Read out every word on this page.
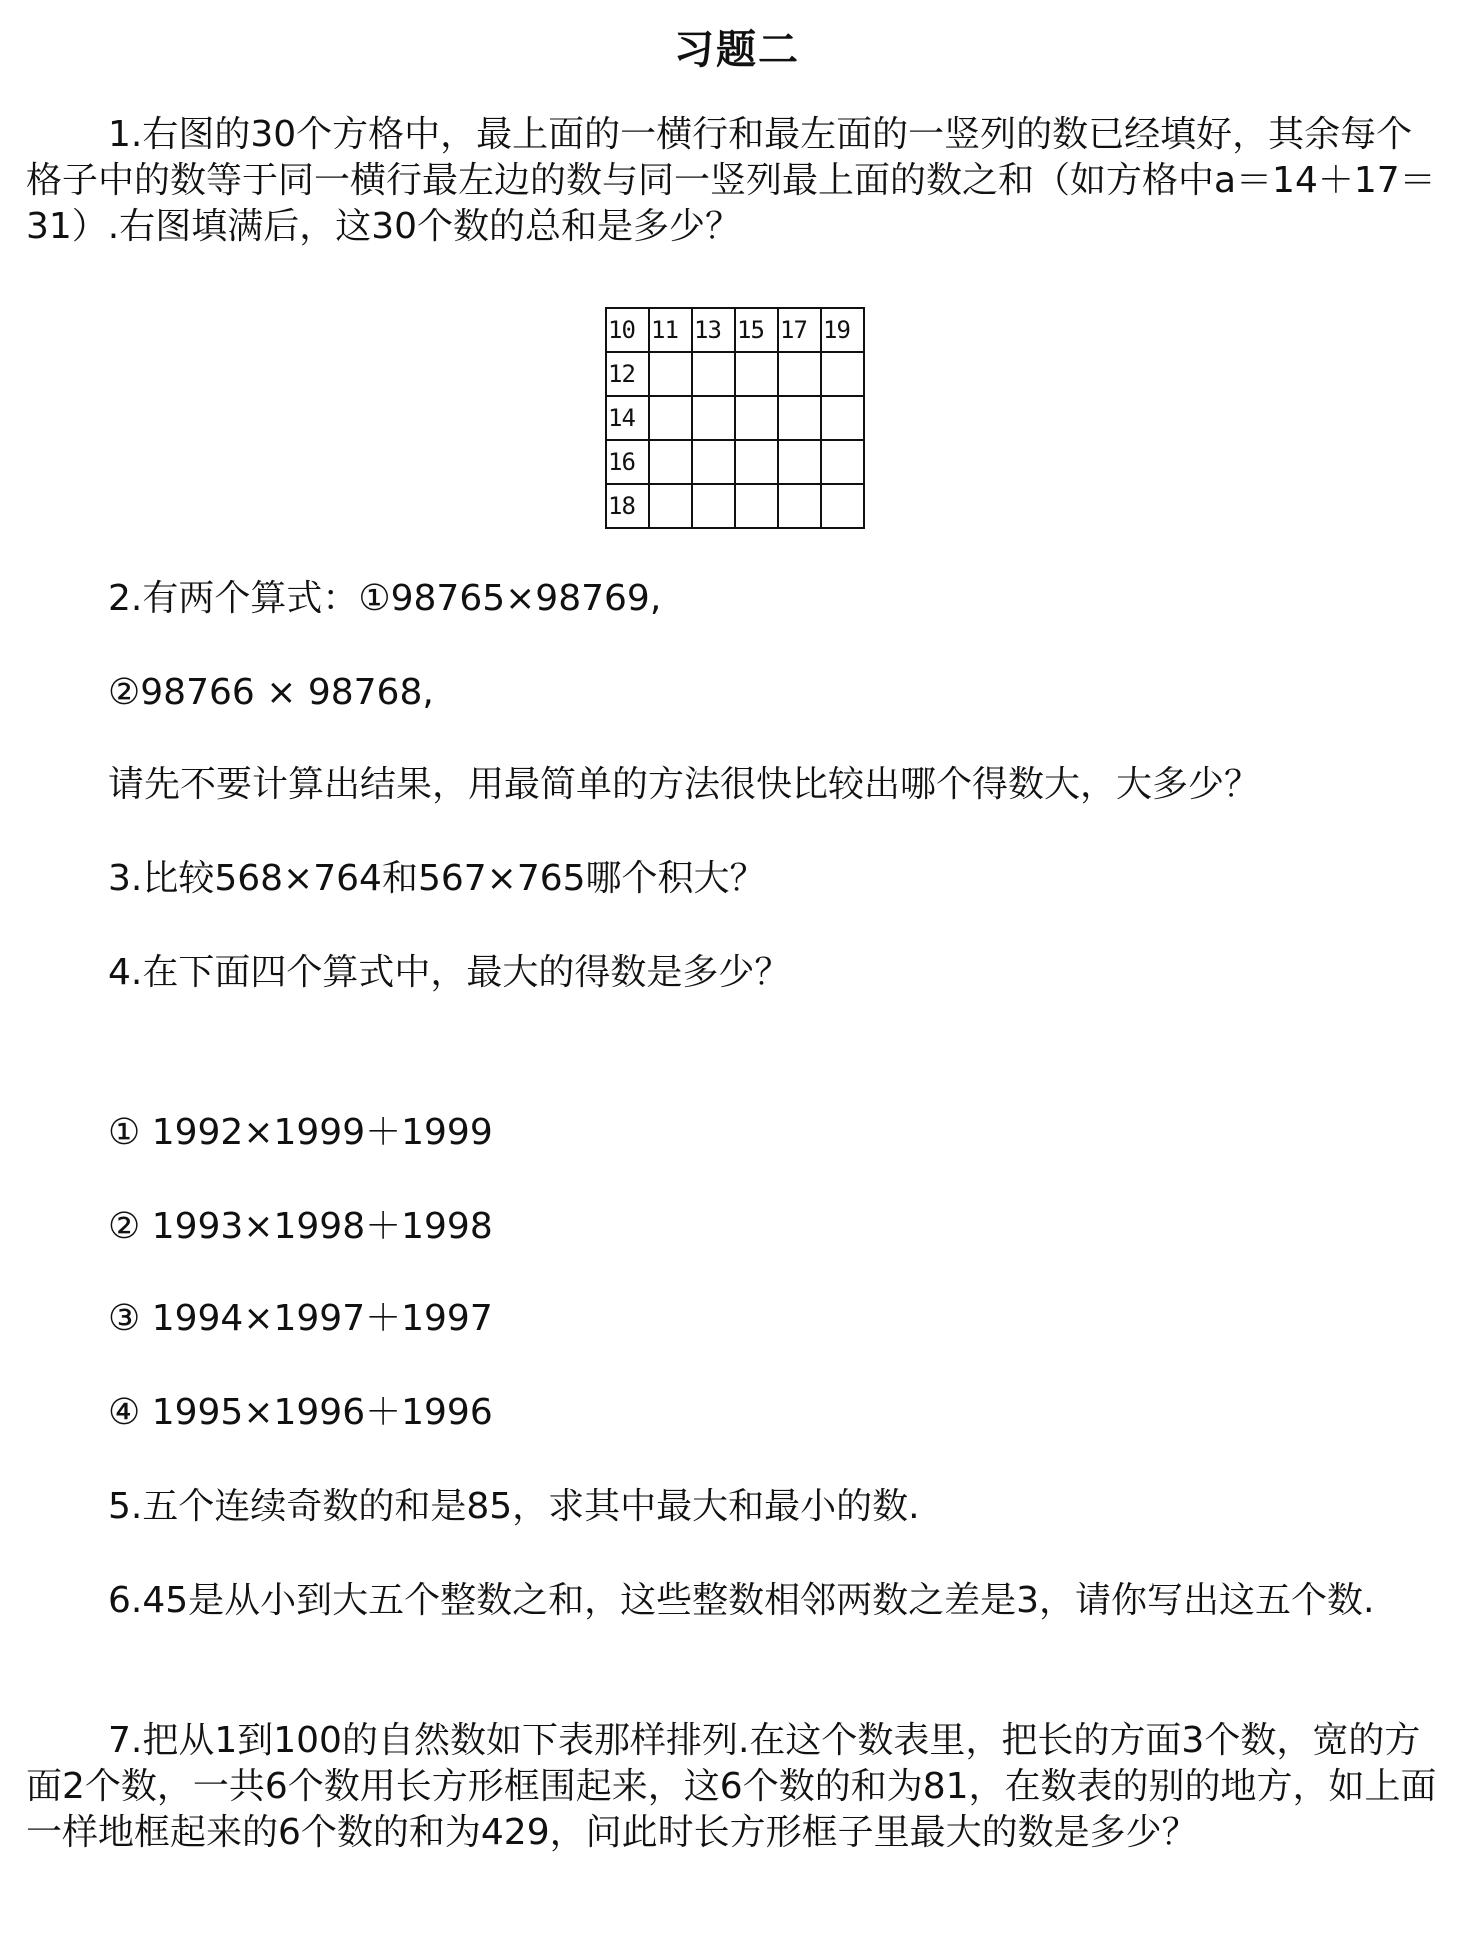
习题二
1.右图的30个方格中，最上面的一横行和最左面的一竖列的数已经填好，其余每个格子中的数等于同一横行最左边的数与同一竖列最上面的数之和（如方格中a＝14＋17＝31）.右图填满后，这30个数的总和是多少？
10	11	13	15	17	19
12					
14					
16					
18					
2.有两个算式：①98765×98769,
②98766 × 98768,
请先不要计算出结果，用最简单的方法很快比较出哪个得数大，大多少？
3.比较568×764和567×765哪个积大？
4.在下面四个算式中，最大的得数是多少？
① 1992×1999＋1999
② 1993×1998＋1998
③ 1994×1997＋1997
④ 1995×1996＋1996
5.五个连续奇数的和是85，求其中最大和最小的数.
6.45是从小到大五个整数之和，这些整数相邻两数之差是3，请你写出这五个数.
7.把从1到100的自然数如下表那样排列.在这个数表里，把长的方面3个数，宽的方面2个数，一共6个数用长方形框围起来，这6个数的和为81，在数表的别的地方，如上面一样地框起来的6个数的和为429，问此时长方形框子里最大的数是多少？
